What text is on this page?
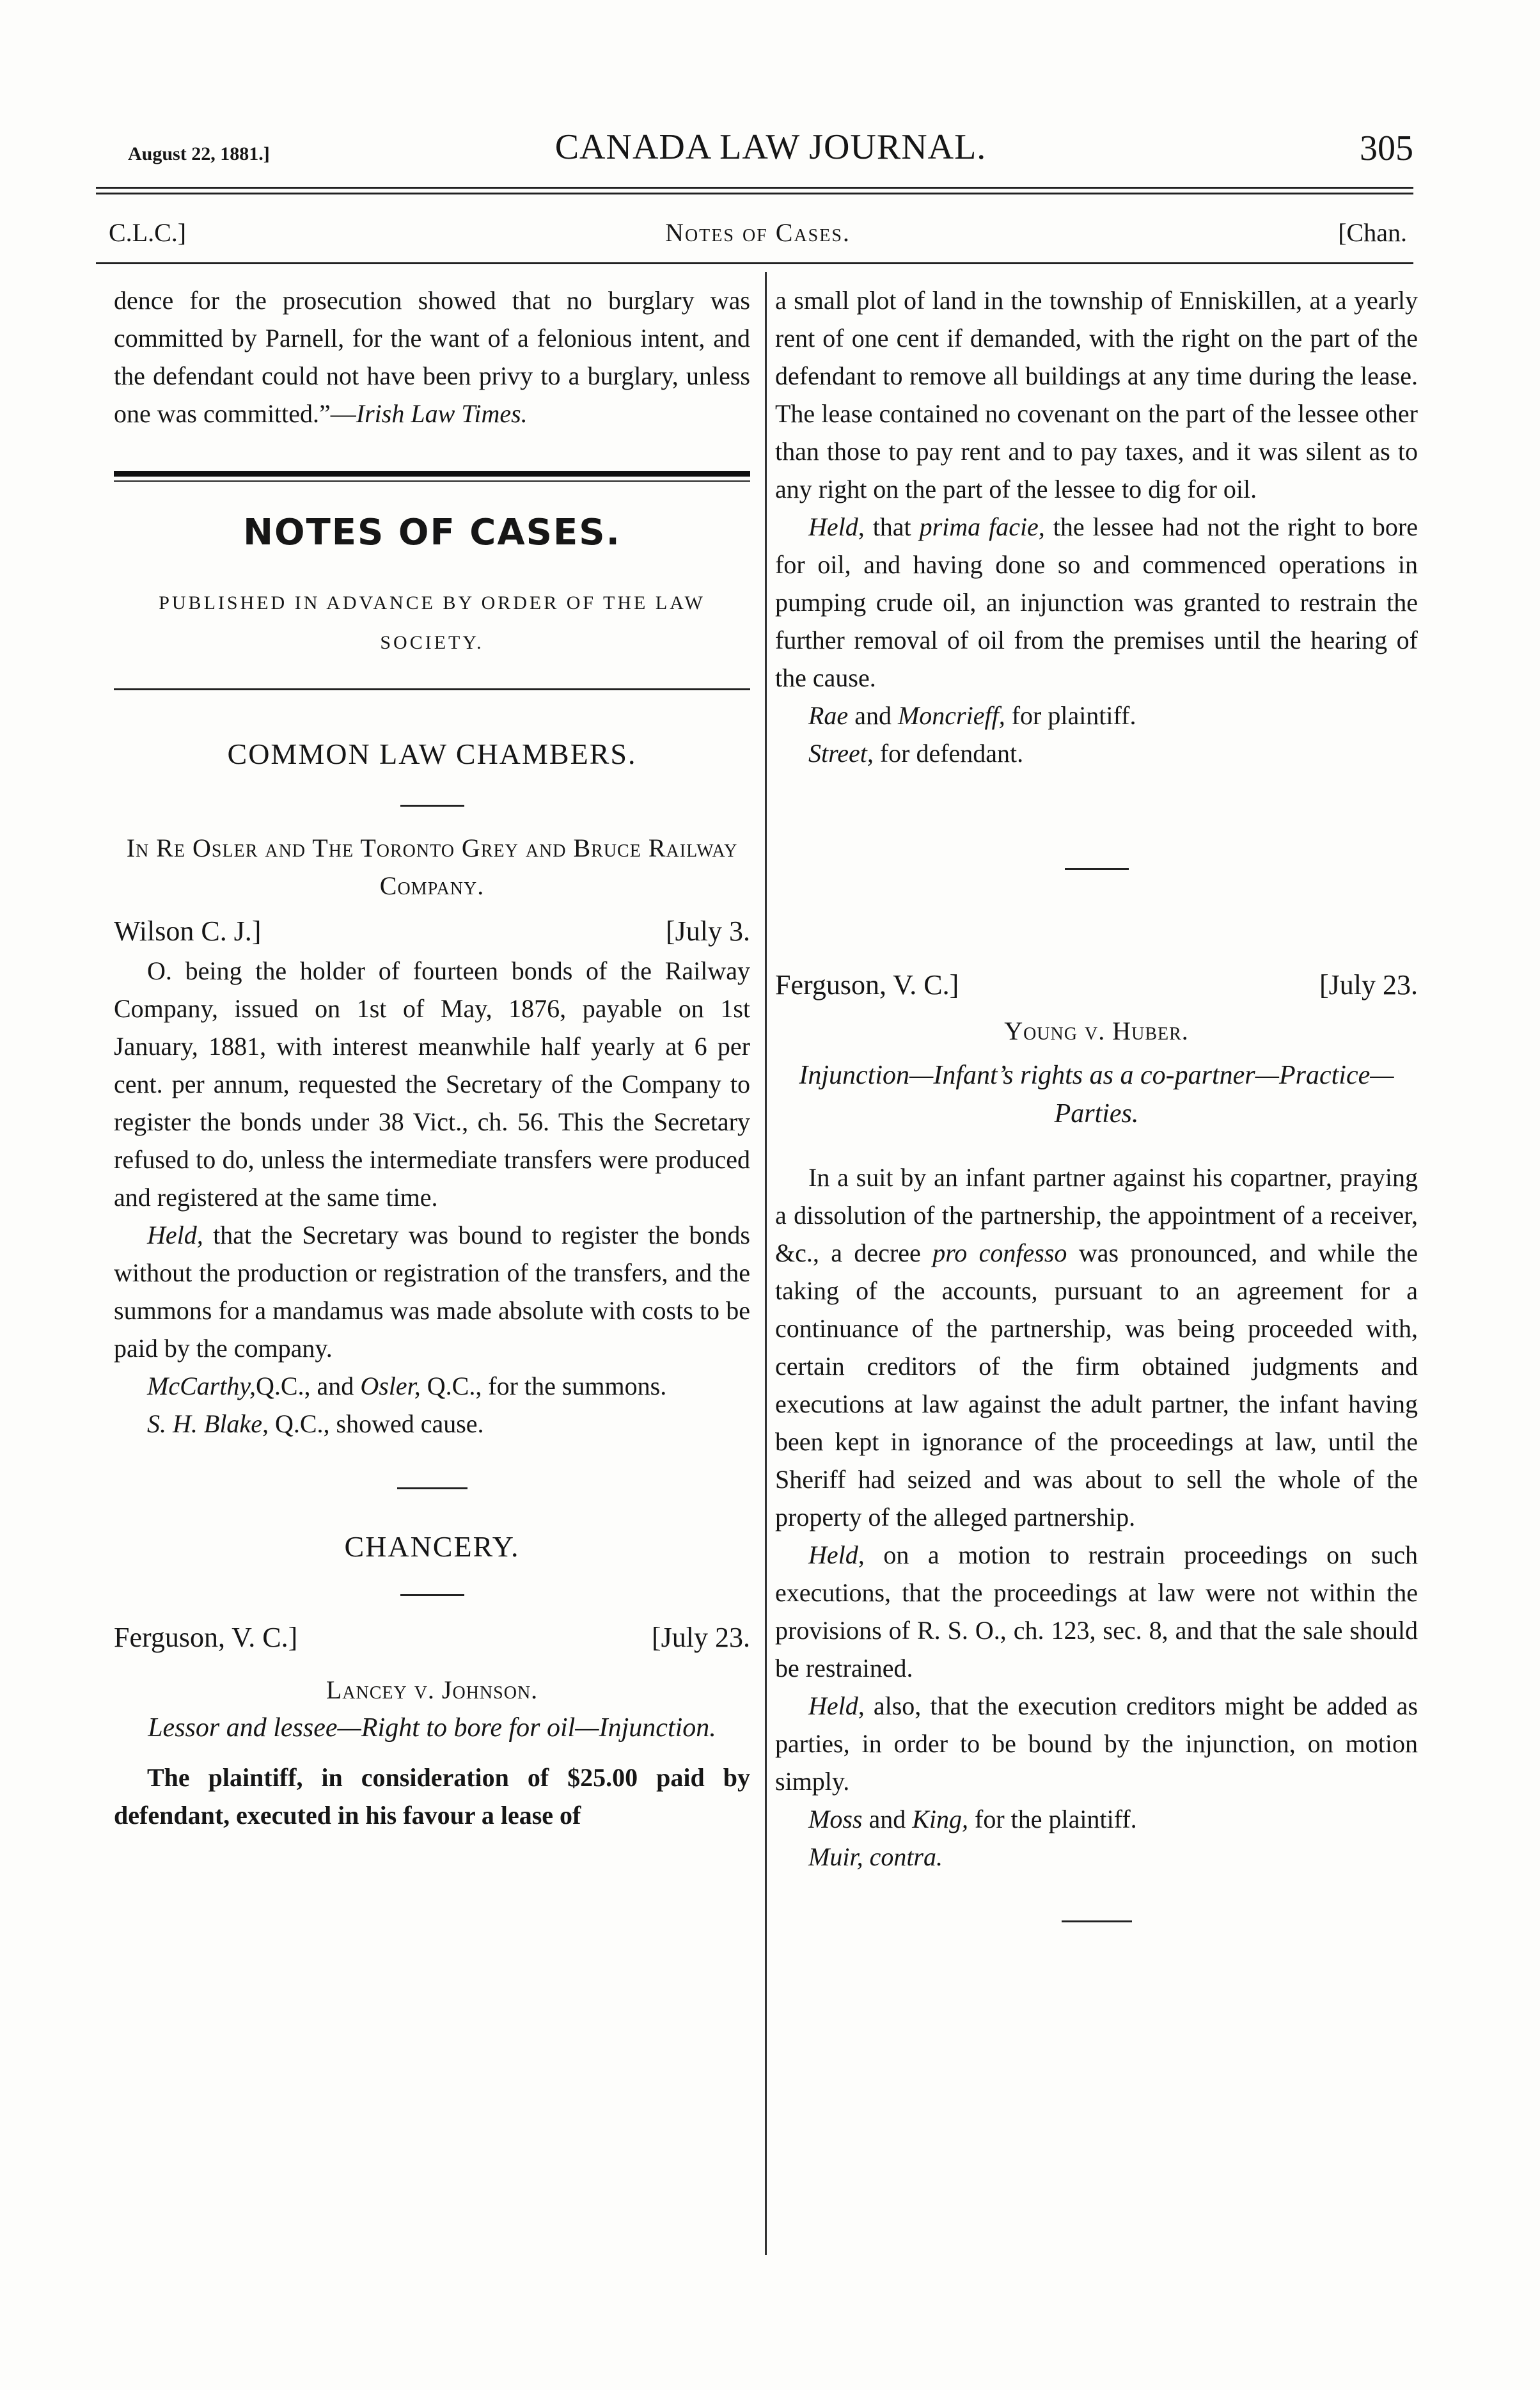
August 22, 1881.]	CANADA LAW JOURNAL.	305
C.L.C.]	Notes of Cases.	[Chan.

dence for the prosecution showed that no burglary was committed by Parnell, for the want of a felonious intent, and the defendant could not have been privy to a burglary, unless one was committed.”—Irish Law Times.

NOTES OF CASES.
PUBLISHED IN ADVANCE BY ORDER OF THE LAW SOCIETY.
COMMON LAW CHAMBERS.
In Re Osler and The Toronto Grey and Bruce Railway Company.
Wilson C. J.]	[July 3.

O. being the holder of fourteen bonds of the Railway Company, issued on 1st of May, 1876, payable on 1st January, 1881, with interest meanwhile half yearly at 6 per cent. per annum, requested the Secretary of the Company to register the bonds under 38 Vict., ch. 56. This the Secretary refused to do, unless the intermediate transfers were produced and registered at the same time.

Held, that the Secretary was bound to register the bonds without the production or registration of the transfers, and the summons for a mandamus was made absolute with costs to be paid by the company.

McCarthy,Q.C., and Osler, Q.C., for the summons.

S. H. Blake, Q.C., showed cause.

CHANCERY.
Ferguson, V. C.]	[July 23.
Lancey v. Johnson.
Lessor and lessee—Right to bore for oil—Injunction.

The plaintiff, in consideration of $25.00 paid by defendant, executed in his favour a lease of

a small plot of land in the township of Enniskillen, at a yearly rent of one cent if demanded, with the right on the part of the defendant to remove all buildings at any time during the lease. The lease contained no covenant on the part of the lessee other than those to pay rent and to pay taxes, and it was silent as to any right on the part of the lessee to dig for oil.

Held, that prima facie, the lessee had not the right to bore for oil, and having done so and commenced operations in pumping crude oil, an injunction was granted to restrain the further removal of oil from the premises until the hearing of the cause.

Rae and Moncrieff, for plaintiff.

Street, for defendant.

Ferguson, V. C.]	[July 23.
Young v. Huber.
Injunction—Infant’s rights as a co-partner—Practice—Parties.

In a suit by an infant partner against his copartner, praying a dissolution of the partnership, the appointment of a receiver, &c., a decree pro confesso was pronounced, and while the taking of the accounts, pursuant to an agreement for a continuance of the partnership, was being proceeded with, certain creditors of the firm obtained judgments and executions at law against the adult partner, the infant having been kept in ignorance of the proceedings at law, until the Sheriff had seized and was about to sell the whole of the property of the alleged partnership.

Held, on a motion to restrain proceedings on such executions, that the proceedings at law were not within the provisions of R. S. O., ch. 123, sec. 8, and that the sale should be restrained.

Held, also, that the execution creditors might be added as parties, in order to be bound by the injunction, on motion simply.

Moss and King, for the plaintiff.

Muir, contra.
